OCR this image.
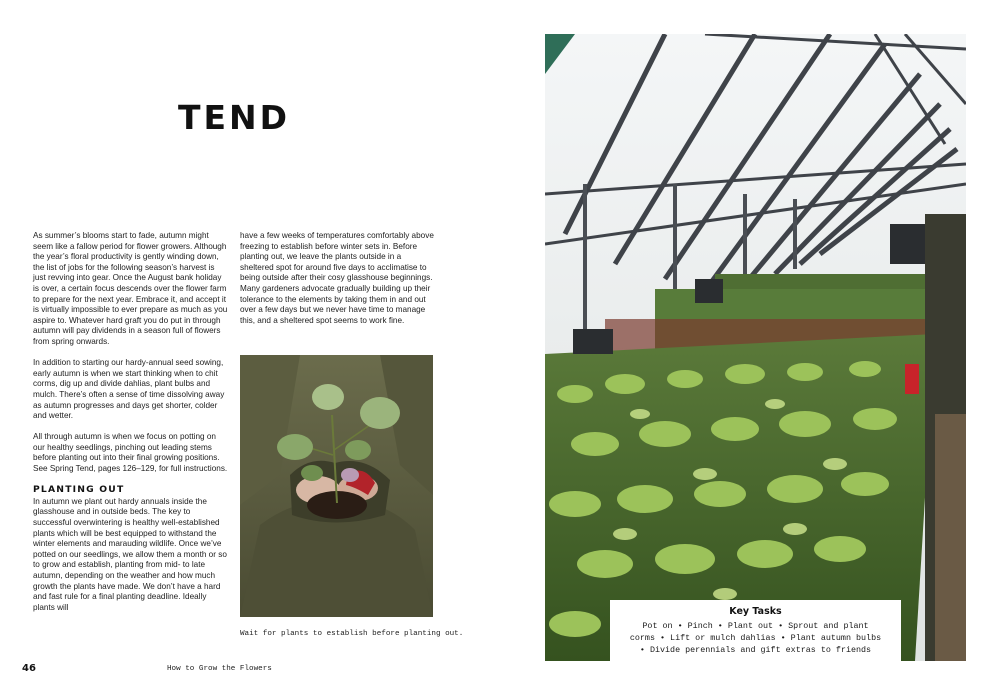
TEND

As summer’s blooms start to fade, autumn might seem like a fallow period for flower growers. Although the year’s floral productivity is gently winding down, the list of jobs for the following season’s harvest is just revving into gear. Once the August bank holiday is over, a certain focus descends over the flower farm to prepare for the next year. Embrace it, and accept it is virtually impossible to ever prepare as much as you aspire to. Whatever hard graft you do put in through autumn will pay dividends in a season full of flowers from spring onwards.

In addition to starting our hardy-annual seed sowing, early autumn is when we start thinking when to chit corms, dig up and divide dahlias, plant bulbs and mulch. There’s often a sense of time dissolving away as autumn progresses and days get shorter, colder and wetter.

All through autumn is when we focus on potting on our healthy seedlings, pinching out leading stems before planting out into their final growing positions. See Spring Tend, pages 126–129, for full instructions.

PLANTING OUT

In autumn we plant out hardy annuals inside the glasshouse and in outside beds. The key to successful overwintering is healthy well-established plants which will be best equipped to withstand the winter elements and marauding wildlife. Once we’ve potted on our seedlings, we allow them a month or so to grow and establish, planting from mid- to late autumn, depending on the weather and how much growth the plants have made. We don’t have a hard and fast rule for a final planting deadline. Ideally plants will

have a few weeks of temperatures comfortably above freezing to establish before winter sets in. Before planting out, we leave the plants outside in a sheltered spot for around five days to acclimatise to being outside after their cosy glasshouse beginnings. Many gardeners advocate gradually building up their tolerance to the elements by taking them in and out over a few days but we never have time to manage this, and a sheltered spot seems to work fine.

Wait for plants to establish before planting out.
46	How to Grow the Flowers
Key Tasks
Pot on • Pinch • Plant out • Sprout and plant
corms • Lift or mulch dahlias • Plant autumn bulbs
• Divide perennials and gift extras to friends
